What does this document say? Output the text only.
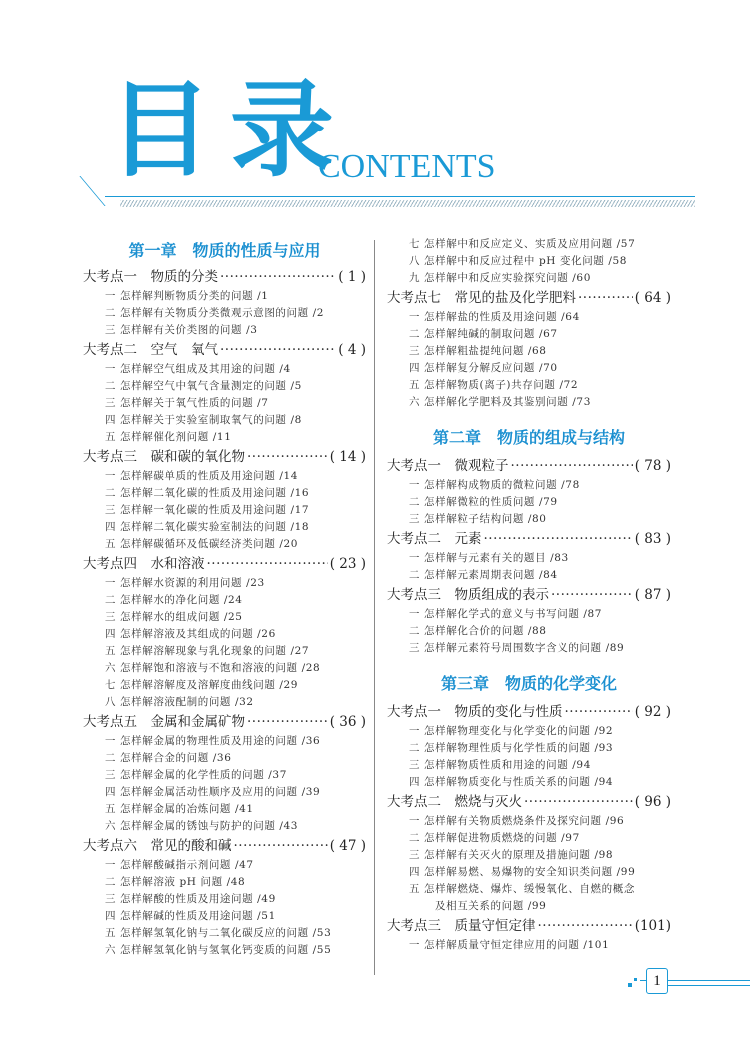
目录
CONTENTS
第一章　物质的性质与应用
大考点一　物质的分类 ·····	( 1 )
一 怎样解判断物质分类的问题 /1
二 怎样解有关物质分类微观示意图的问题 /2
三 怎样解有关价类图的问题 /3
大考点二　空气　氧气 ·····	( 4 )
一 怎样解空气组成及其用途的问题 /4
二 怎样解空气中氧气含量测定的问题 /5
三 怎样解关于氧气性质的问题 /7
四 怎样解关于实验室制取氧气的问题 /8
五 怎样解催化剂问题 /11
大考点三　碳和碳的氧化物 ·····	( 14 )
一 怎样解碳单质的性质及用途问题 /14
二 怎样解二氧化碳的性质及用途问题 /16
三 怎样解一氧化碳的性质及用途问题 /17
四 怎样解二氧化碳实验室制法的问题 /18
五 怎样解碳循环及低碳经济类问题 /20
大考点四　水和溶液 ·····	( 23 )
一 怎样解水资源的利用问题 /23
二 怎样解水的净化问题 /24
三 怎样解水的组成问题 /25
四 怎样解溶液及其组成的问题 /26
五 怎样解溶解现象与乳化现象的问题 /27
六 怎样解饱和溶液与不饱和溶液的问题 /28
七 怎样解溶解度及溶解度曲线问题 /29
八 怎样解溶液配制的问题 /32
大考点五　金属和金属矿物 ·····	( 36 )
一 怎样解金属的物理性质及用途的问题 /36
二 怎样解合金的问题 /36
三 怎样解金属的化学性质的问题 /37
四 怎样解金属活动性顺序及应用的问题 /39
五 怎样解金属的冶炼问题 /41
六 怎样解金属的锈蚀与防护的问题 /43
大考点六　常见的酸和碱 ·····	( 47 )
一 怎样解酸碱指示剂问题 /47
二 怎样解溶液 pH 问题 /48
三 怎样解酸的性质及用途问题 /49
四 怎样解碱的性质及用途问题 /51
五 怎样解氢氧化钠与二氧化碳反应的问题 /53
六 怎样解氢氧化钠与氢氧化钙变质的问题 /55
七 怎样解中和反应定义、实质及应用问题 /57
八 怎样解中和反应过程中 pH 变化问题 /58
九 怎样解中和反应实验探究问题 /60
大考点七　常见的盐及化学肥料 ·····	( 64 )
一 怎样解盐的性质及用途问题 /64
二 怎样解纯碱的制取问题 /67
三 怎样解粗盐提纯问题 /68
四 怎样解复分解反应问题 /70
五 怎样解物质(离子)共存问题 /72
六 怎样解化学肥料及其鉴别问题 /73
第二章　物质的组成与结构
大考点一　微观粒子 ·····	( 78 )
一 怎样解构成物质的微粒问题 /78
二 怎样解微粒的性质问题 /79
三 怎样解粒子结构问题 /80
大考点二　元素 ·····	( 83 )
一 怎样解与元素有关的题目 /83
二 怎样解元素周期表问题 /84
大考点三　物质组成的表示 ·····	( 87 )
一 怎样解化学式的意义与书写问题 /87
二 怎样解化合价的问题 /88
三 怎样解元素符号周围数字含义的问题 /89
第三章　物质的化学变化
大考点一　物质的变化与性质 ·····	( 92 )
一 怎样解物理变化与化学变化的问题 /92
二 怎样解物理性质与化学性质的问题 /93
三 怎样解物质性质和用途的问题 /94
四 怎样解物质变化与性质关系的问题 /94
大考点二　燃烧与灭火 ·····	( 96 )
一 怎样解有关物质燃烧条件及探究问题 /96
二 怎样解促进物质燃烧的问题 /97
三 怎样解有关灭火的原理及措施问题 /98
四 怎样解易燃、易爆物的安全知识类问题 /99
五 怎样解燃烧、爆炸、缓慢氧化、自燃的概念
及相互关系的问题 /99
大考点三　质量守恒定律 ·····	(101)
一 怎样解质量守恒定律应用的问题 /101
1
